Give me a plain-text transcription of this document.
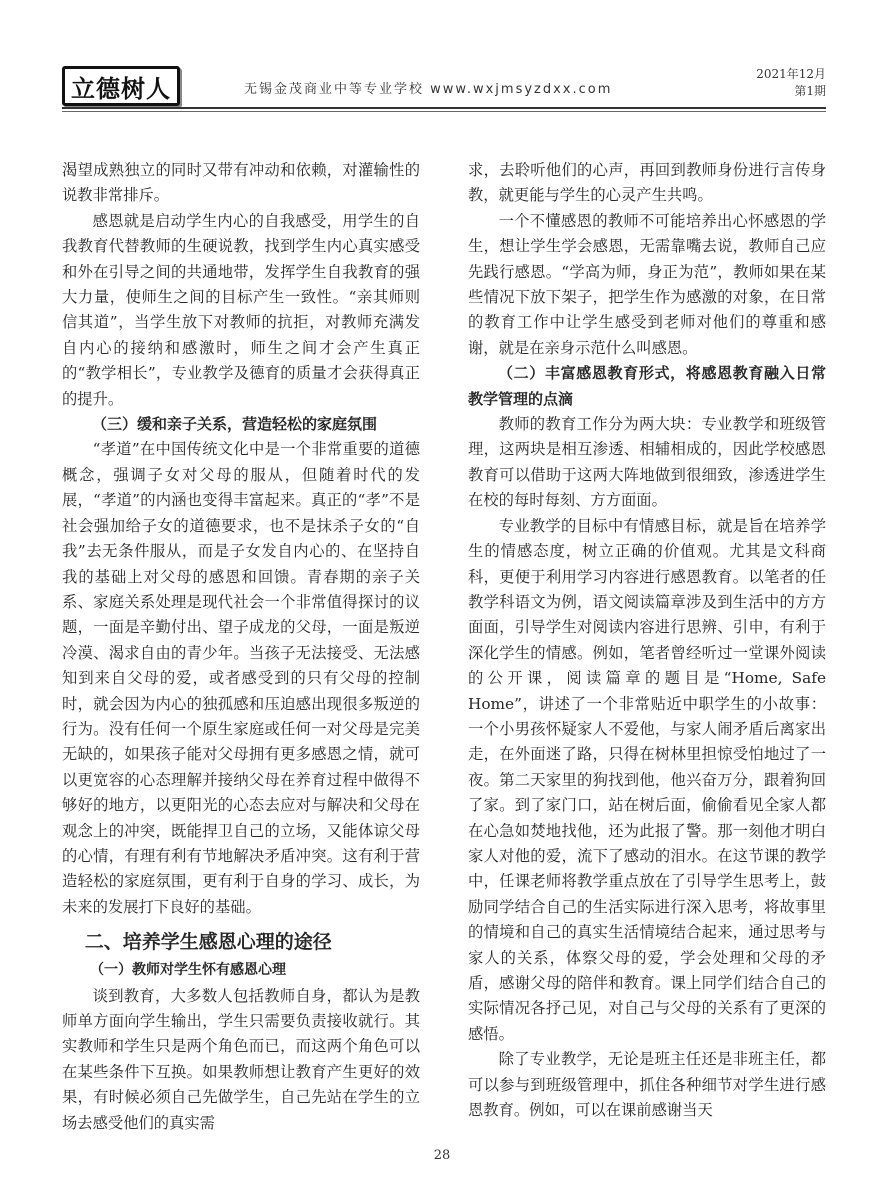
立德树人	无锡金茂商业中等专业学校 www.wxjmsyzdxx.com
2021年12月
第1期

渴望成熟独立的同时又带有冲动和依赖，对灌输性的说教非常排斥。

感恩就是启动学生内心的自我感受，用学生的自我教育代替教师的生硬说教，找到学生内心真实感受和外在引导之间的共通地带，发挥学生自我教育的强大力量，使师生之间的目标产生一致性。“亲其师则信其道”，当学生放下对教师的抗拒，对教师充满发自内心的接纳和感激时，师生之间才会产生真正的“教学相长”，专业教学及德育的质量才会获得真正的提升。

（三）缓和亲子关系，营造轻松的家庭氛围

“孝道”在中国传统文化中是一个非常重要的道德概念，强调子女对父母的服从，但随着时代的发展，“孝道”的内涵也变得丰富起来。真正的“孝”不是社会强加给子女的道德要求，也不是抹杀子女的“自我”去无条件服从，而是子女发自内心的、在坚持自我的基础上对父母的感恩和回馈。青春期的亲子关系、家庭关系处理是现代社会一个非常值得探讨的议题，一面是辛勤付出、望子成龙的父母，一面是叛逆冷漠、渴求自由的青少年。当孩子无法接受、无法感知到来自父母的爱，或者感受到的只有父母的控制时，就会因为内心的独孤感和压迫感出现很多叛逆的行为。没有任何一个原生家庭或任何一对父母是完美无缺的，如果孩子能对父母拥有更多感恩之情，就可以更宽容的心态理解并接纳父母在养育过程中做得不够好的地方，以更阳光的心态去应对与解决和父母在观念上的冲突，既能捍卫自己的立场，又能体谅父母的心情，有理有利有节地解决矛盾冲突。这有利于营造轻松的家庭氛围，更有利于自身的学习、成长，为未来的发展打下良好的基础。

二、培养学生感恩心理的途径
（一）教师对学生怀有感恩心理

谈到教育，大多数人包括教师自身，都认为是教师单方面向学生输出，学生只需要负责接收就行。其实教师和学生只是两个角色而已，而这两个角色可以在某些条件下互换。如果教师想让教育产生更好的效果，有时候必须自己先做学生，自己先站在学生的立场去感受他们的真实需

求，去聆听他们的心声，再回到教师身份进行言传身教，就更能与学生的心灵产生共鸣。

一个不懂感恩的教师不可能培养出心怀感恩的学生，想让学生学会感恩，无需靠嘴去说，教师自己应先践行感恩。“学高为师，身正为范”，教师如果在某些情况下放下架子，把学生作为感激的对象，在日常的教育工作中让学生感受到老师对他们的尊重和感谢，就是在亲身示范什么叫感恩。

（二）丰富感恩教育形式，将感恩教育融入日常教学管理的点滴

教师的教育工作分为两大块：专业教学和班级管理，这两块是相互渗透、相辅相成的，因此学校感恩教育可以借助于这两大阵地做到很细致，渗透进学生在校的每时每刻、方方面面。

专业教学的目标中有情感目标，就是旨在培养学生的情感态度，树立正确的价值观。尤其是文科商科，更便于利用学习内容进行感恩教育。以笔者的任教学科语文为例，语文阅读篇章涉及到生活中的方方面面，引导学生对阅读内容进行思辨、引申，有利于深化学生的情感。例如，笔者曾经听过一堂课外阅读的公开课，阅读篇章的题目是“Home, Safe Home”，讲述了一个非常贴近中职学生的小故事：一个小男孩怀疑家人不爱他，与家人闹矛盾后离家出走，在外面迷了路，只得在树林里担惊受怕地过了一夜。第二天家里的狗找到他，他兴奋万分，跟着狗回了家。到了家门口，站在树后面，偷偷看见全家人都在心急如焚地找他，还为此报了警。那一刻他才明白家人对他的爱，流下了感动的泪水。在这节课的教学中，任课老师将教学重点放在了引导学生思考上，鼓励同学结合自己的生活实际进行深入思考，将故事里的情境和自己的真实生活情境结合起来，通过思考与家人的关系，体察父母的爱，学会处理和父母的矛盾，感谢父母的陪伴和教育。课上同学们结合自己的实际情况各抒己见，对自己与父母的关系有了更深的感悟。

除了专业教学，无论是班主任还是非班主任，都可以参与到班级管理中，抓住各种细节对学生进行感恩教育。例如，可以在课前感谢当天

28
